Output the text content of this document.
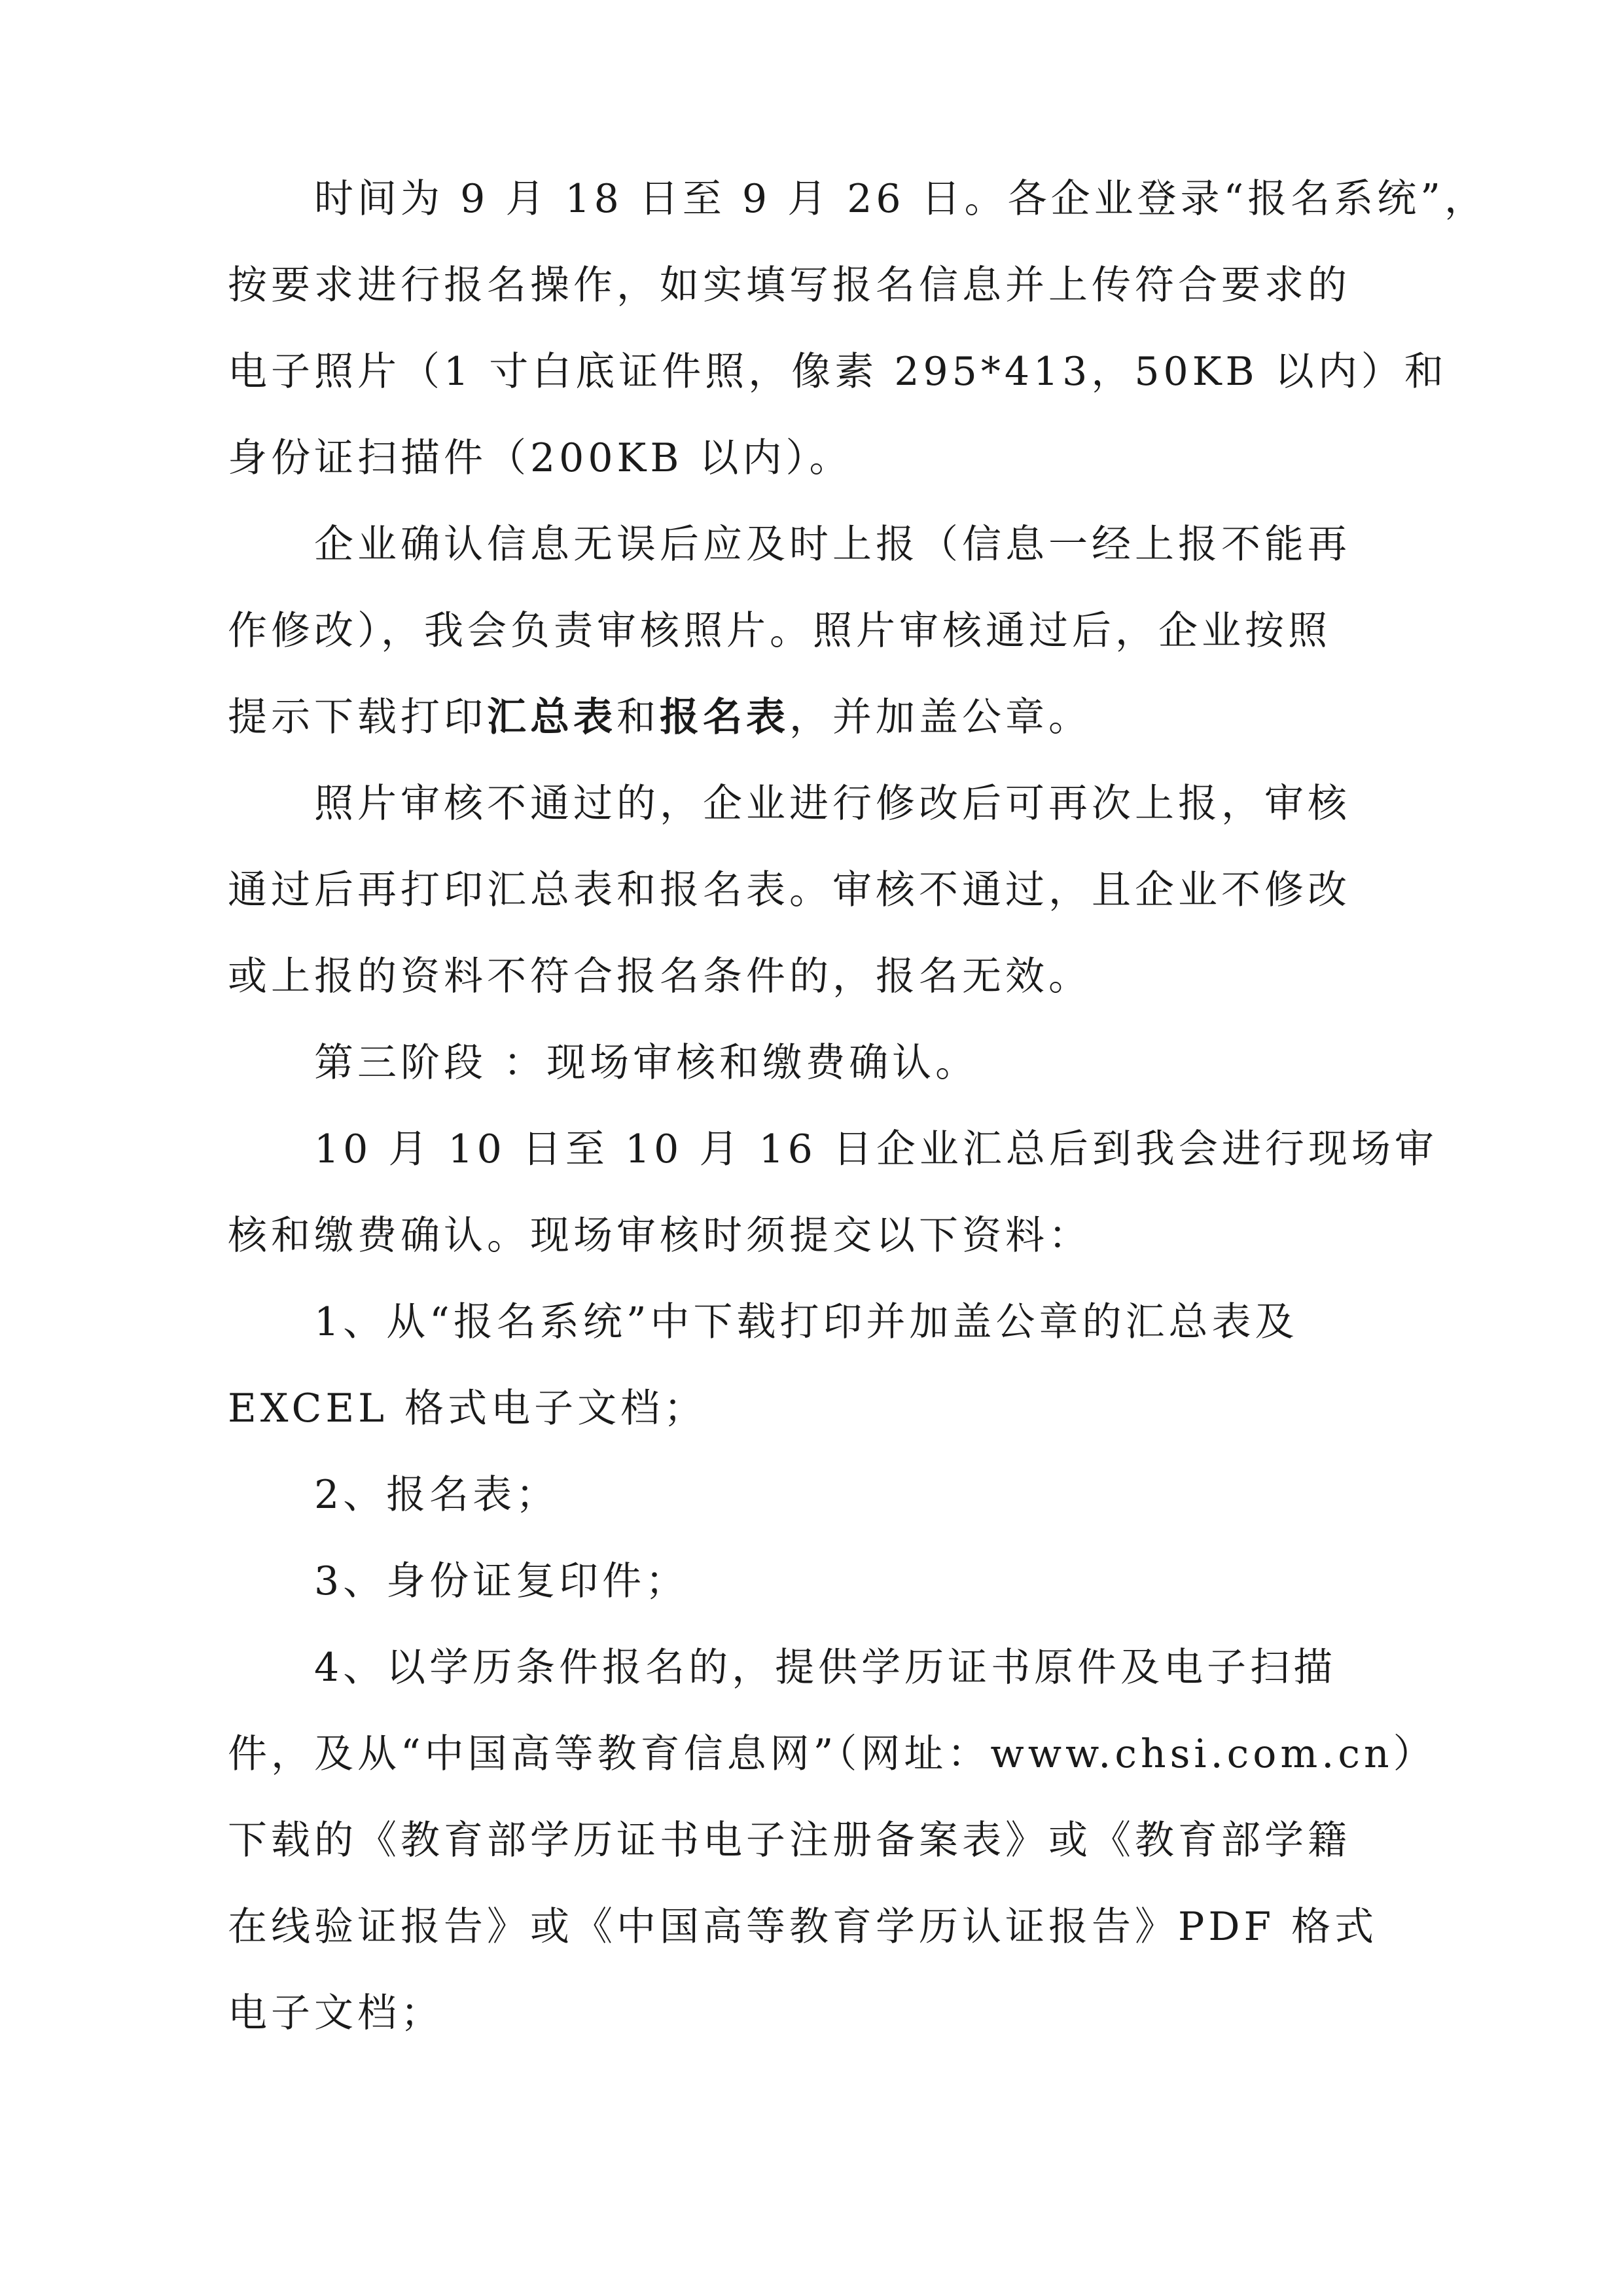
时间为 9 月 18 日至 9 月 26 日。各企业登录“报名系统”，
按要求进行报名操作，如实填写报名信息并上传符合要求的
电子照片（1 寸白底证件照，像素 295*413，50KB 以内）和
身份证扫描件（200KB 以内）。

企业确认信息无误后应及时上报（信息一经上报不能再
作修改），我会负责审核照片。照片审核通过后，企业按照
提示下载打印汇总表和报名表，并加盖公章。

照片审核不通过的，企业进行修改后可再次上报，审核
通过后再打印汇总表和报名表。审核不通过，且企业不修改
或上报的资料不符合报名条件的，报名无效。

第三阶段 ：现场审核和缴费确认。

10 月 10 日至 10 月 16 日企业汇总后到我会进行现场审
核和缴费确认。现场审核时须提交以下资料：

1、从“报名系统”中下载打印并加盖公章的汇总表及
EXCEL 格式电子文档；

2、报名表；

3、身份证复印件；

4、以学历条件报名的，提供学历证书原件及电子扫描
件，及从“中国高等教育信息网”（网址：www.chsi.com.cn）
下载的《教育部学历证书电子注册备案表》或《教育部学籍
在线验证报告》或《中国高等教育学历认证报告》PDF 格式
电子文档；
